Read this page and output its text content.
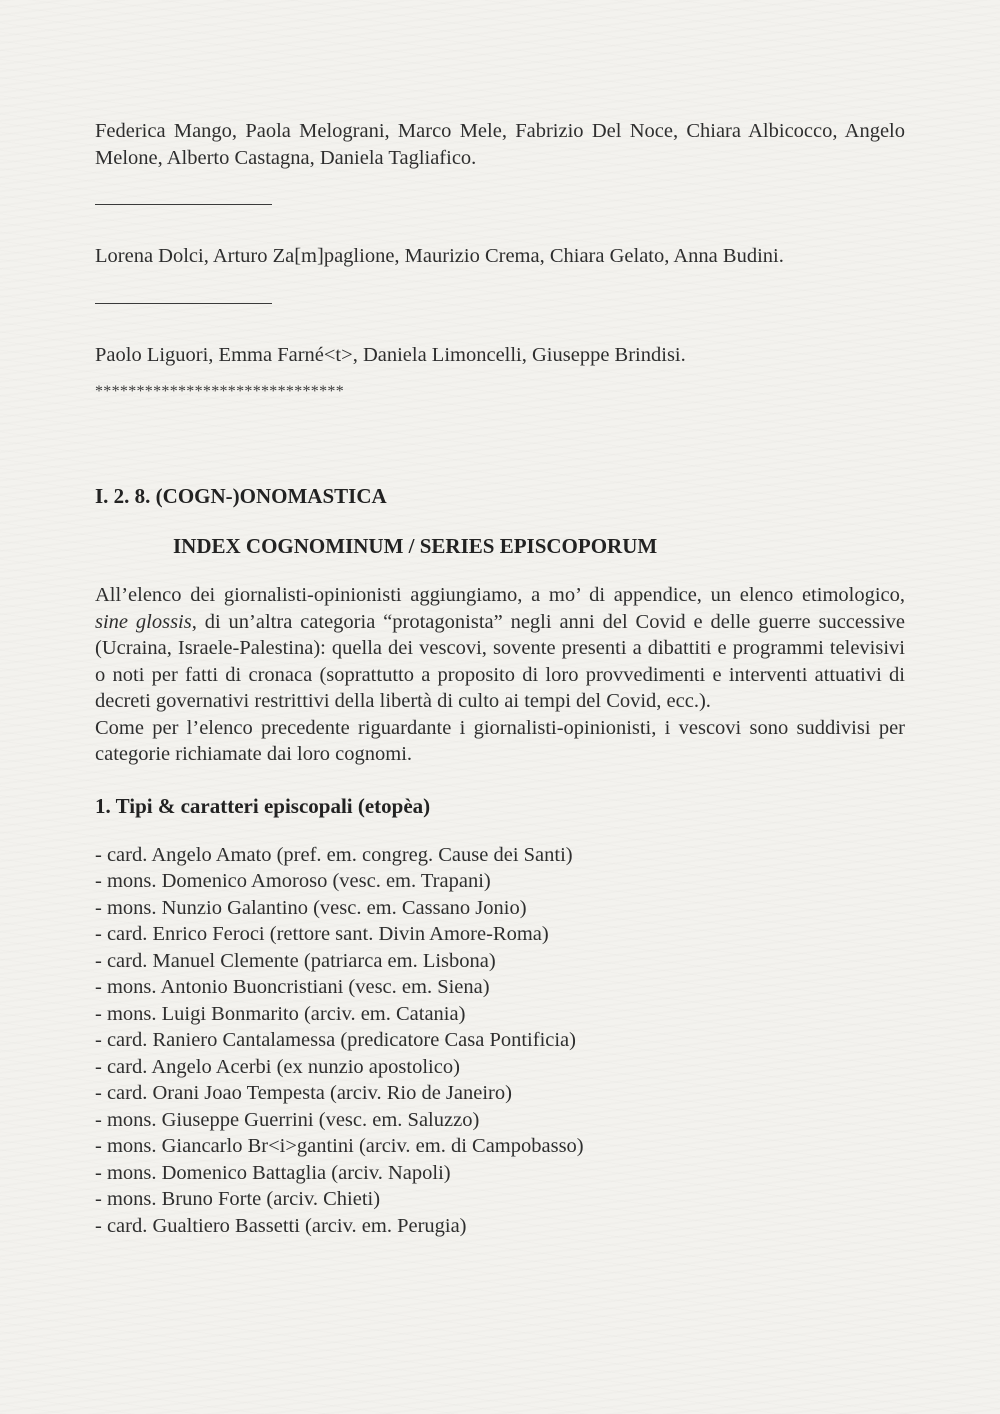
Federica Mango, Paola Melograni, Marco Mele, Fabrizio Del Noce, Chiara Albicocco, Angelo Melone, Alberto Castagna, Daniela Tagliafico.

Lorena Dolci, Arturo Za[m]paglione, Maurizio Crema, Chiara Gelato, Anna Budini.

Paolo Liguori, Emma Farné<t>, Daniela Limoncelli, Giuseppe Brindisi.

******************************
I. 2. 8. (COGN-)ONOMASTICA
INDEX COGNOMINUM / SERIES EPISCOPORUM

All’elenco dei giornalisti-opinionisti aggiungiamo, a mo’ di appendice, un elenco etimologico, sine glossis, di un’altra categoria “protagonista” negli anni del Covid e delle guerre successive (Ucraina, Israele-Palestina): quella dei vescovi, sovente presenti a dibattiti e programmi televisivi o noti per fatti di cronaca (soprattutto a proposito di loro provvedimenti e interventi attuativi di decreti governativi restrittivi della libertà di culto ai tempi del Covid, ecc.).

Come per l’elenco precedente riguardante i giornalisti-opinionisti, i vescovi sono suddivisi per categorie richiamate dai loro cognomi.

1. Tipi & caratteri episcopali (etopèa)
- card. Angelo Amato (pref. em. congreg. Cause dei Santi)
- mons. Domenico Amoroso (vesc. em. Trapani)
- mons. Nunzio Galantino (vesc. em. Cassano Jonio)
- card. Enrico Feroci (rettore sant. Divin Amore-Roma)
- card. Manuel Clemente (patriarca em. Lisbona)
- mons. Antonio Buoncristiani (vesc. em. Siena)
- mons. Luigi Bonmarito (arciv. em. Catania)
- card. Raniero Cantalamessa (predicatore Casa Pontificia)
- card. Angelo Acerbi (ex nunzio apostolico)
- card. Orani Joao Tempesta (arciv. Rio de Janeiro)
- mons. Giuseppe Guerrini (vesc. em. Saluzzo)
- mons. Giancarlo Br<i>gantini (arciv. em. di Campobasso)
- mons. Domenico Battaglia (arciv. Napoli)
- mons. Bruno Forte (arciv. Chieti)
- card. Gualtiero Bassetti (arciv. em. Perugia)
